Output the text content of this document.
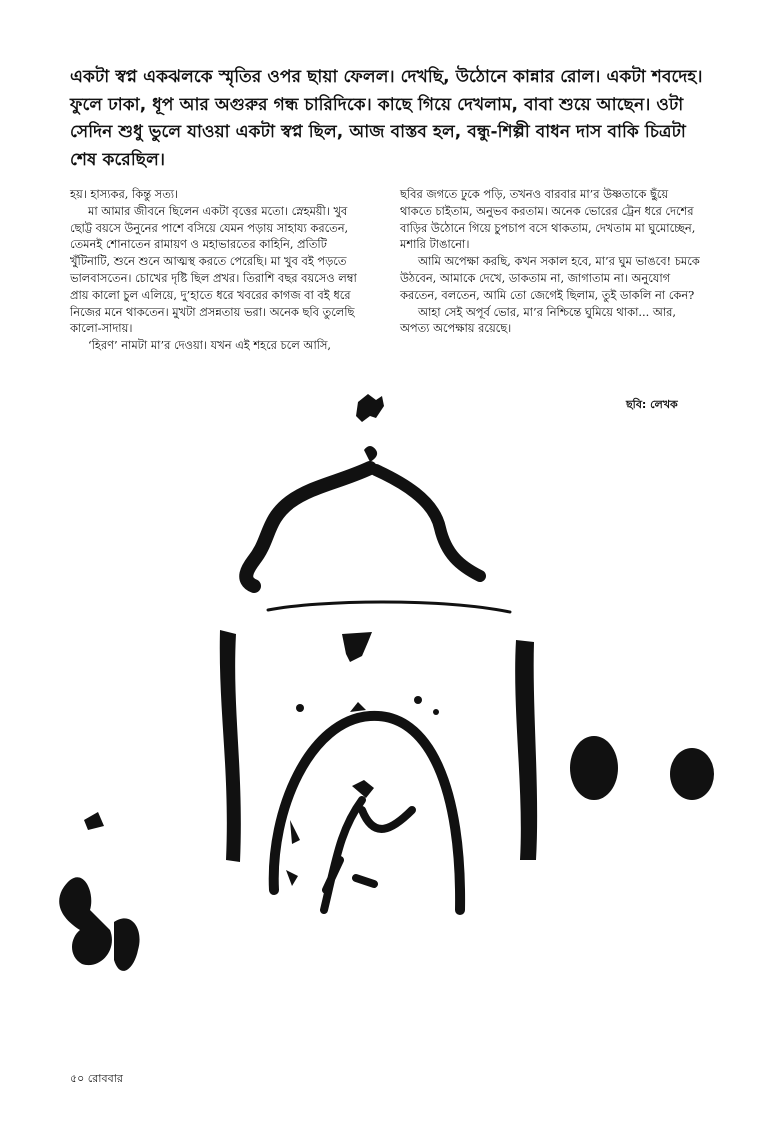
একটা স্বপ্ন একঝলকে স্মৃতির ওপর ছায়া ফেলল। দেখছি, উঠোনে কান্নার রোল। একটা শবদেহ। ফুলে ঢাকা, ধূপ আর অগুরুর গন্ধ চারিদিকে। কাছে গিয়ে দেখলাম, বাবা শুয়ে আছেন। ওটা সেদিন শুধু ভুলে যাওয়া একটা স্বপ্ন ছিল, আজ বাস্তব হল, বন্ধু-শিল্পী বাধন দাস বাকি চিত্রটা শেষ করেছিল।

হয়। হাস্যকর, কিন্তু সত্য।

মা আমার জীবনে ছিলেন একটা বৃত্তের মতো। স্নেহময়ী। খুব ছোট্ট বয়সে উনুনের পাশে বসিয়ে যেমন পড়ায় সাহায্য করতেন, তেমনই শোনাতেন রামায়ণ ও মহাভারতের কাহিনি, প্রতিটি খুঁটিনাটি, শুনে শুনে আত্মস্থ করতে পেরেছি। মা খুব বই পড়তে ভালবাসতেন। চোখের দৃষ্টি ছিল প্রখর। তিরাশি বছর বয়সেও লম্বা প্রায় কালো চুল এলিয়ে, দু’হাতে ধরে খবরের কাগজ বা বই ধরে নিজের মনে থাকতেন। মুখটা প্রসন্নতায় ভরা। অনেক ছবি তুলেছি কালো-সাদায়।

‘হিরণ’ নামটা মা’র দেওয়া। যখন এই শহরে চলে আসি,

ছবির জগতে ঢুকে পড়ি, তখনও বারবার মা’র উষ্ণতাকে ছুঁয়ে থাকতে চাইতাম, অনুভব করতাম। অনেক ভোরের ট্রেন ধরে দেশের বাড়ির উঠোনে গিয়ে চুপচাপ বসে থাকতাম, দেখতাম মা ঘুমোচ্ছেন, মশারি টাঙানো।

আমি অপেক্ষা করছি, কখন সকাল হবে, মা’র ঘুম ভাঙবে! চমকে উঠবেন, আমাকে দেখে, ডাকতাম না, জাগাতাম না। অনুযোগ করতেন, বলতেন, আমি তো জেগেই ছিলাম, তুই ডাকলি না কেন?

আহা সেই অপূর্ব ভোর, মা’র নিশ্চিন্তে ঘুমিয়ে থাকা... আর, অপত্য অপেক্ষায় রয়েছে।

ছবি: লেখক

৫০ রোববার
